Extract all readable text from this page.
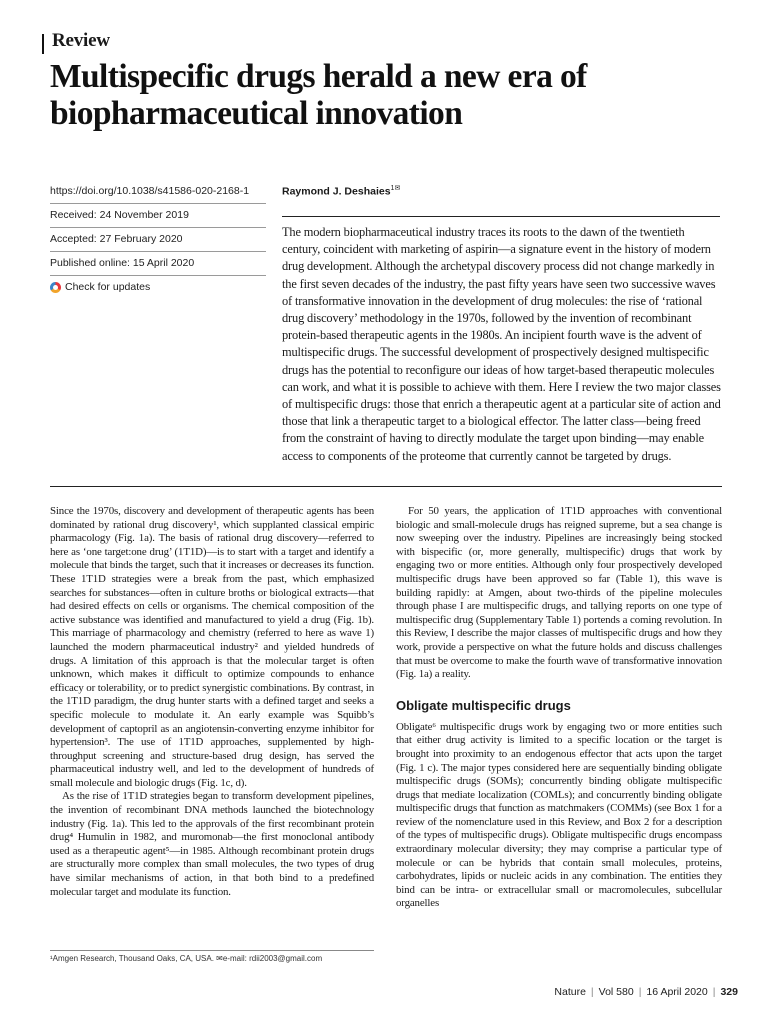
Review
Multispecific drugs herald a new era of biopharmaceutical innovation
https://doi.org/10.1038/s41586-020-2168-1
Received: 24 November 2019
Accepted: 27 February 2020
Published online: 15 April 2020
Check for updates
Raymond J. Deshaies$^{1✉}$
The modern biopharmaceutical industry traces its roots to the dawn of the twentieth century, coincident with marketing of aspirin—a signature event in the history of modern drug development. Although the archetypal discovery process did not change markedly in the first seven decades of the industry, the past fifty years have seen two successive waves of transformative innovation in the development of drug molecules: the rise of ‘rational drug discovery’ methodology in the 1970s, followed by the invention of recombinant protein-based therapeutic agents in the 1980s. An incipient fourth wave is the advent of multispecific drugs. The successful development of prospectively designed multispecific drugs has the potential to reconfigure our ideas of how target-based therapeutic molecules can work, and what it is possible to achieve with them. Here I review the two major classes of multispecific drugs: those that enrich a therapeutic agent at a particular site of action and those that link a therapeutic target to a biological effector. The latter class—being freed from the constraint of having to directly modulate the target upon binding—may enable access to components of the proteome that currently cannot be targeted by drugs.

Since the 1970s, discovery and development of therapeutic agents has been dominated by rational drug discovery¹, which supplanted classical empiric pharmacology (Fig. 1a). The basis of rational drug discovery—referred to here as ‘one target:one drug’ (1T1D)—is to start with a target and identify a molecule that binds the target, such that it increases or decreases its function. These 1T1D strategies were a break from the past, which emphasized searches for substances—often in culture broths or biological extracts—that had desired effects on cells or organisms. The chemical composition of the active substance was identified and manufactured to yield a drug (Fig. 1b). This marriage of pharmacology and chemistry (referred to here as wave 1) launched the modern pharmaceutical industry² and yielded hundreds of drugs. A limitation of this approach is that the molecular target is often unknown, which makes it difficult to optimize compounds to enhance efficacy or tolerability, or to predict synergistic combinations. By contrast, in the 1T1D paradigm, the drug hunter starts with a defined target and seeks a specific molecule to modulate it. An early example was Squibb’s development of captopril as an angiotensin-converting enzyme inhibitor for hypertension³. The use of 1T1D approaches, supplemented by high-throughput screening and structure-based drug design, has served the pharmaceutical industry well, and led to the development of hundreds of small molecule and biologic drugs (Fig. 1c, d).

As the rise of 1T1D strategies began to transform development pipelines, the invention of recombinant DNA methods launched the biotechnology industry (Fig. 1a). This led to the approvals of the first recombinant protein drug⁴ Humulin in 1982, and muromonab—the first monoclonal antibody used as a therapeutic agent⁵—in 1985. Although recombinant protein drugs are structurally more complex than small molecules, the two types of drug have similar mechanisms of action, in that both bind to a predefined molecular target and modulate its function.

For 50 years, the application of 1T1D approaches with conventional biologic and small-molecule drugs has reigned supreme, but a sea change is now sweeping over the industry. Pipelines are increasingly being stocked with bispecific (or, more generally, multispecific) drugs that work by engaging two or more entities. Although only four prospectively developed multispecific drugs have been approved so far (Table 1), this wave is building rapidly: at Amgen, about two-thirds of the pipeline molecules through phase I are multispecific drugs, and tallying reports on one type of multispecific drug (Supplementary Table 1) portends a coming revolution. In this Review, I describe the major classes of multispecific drugs and how they work, provide a perspective on what the future holds and discuss challenges that must be overcome to make the fourth wave of transformative innovation (Fig. 1a) a reality.

Obligate multispecific drugs

Obligate⁶ multispecific drugs work by engaging two or more entities such that either drug activity is limited to a specific location or the target is brought into proximity to an endogenous effector that acts upon the target (Fig. 1 c). The major types considered here are sequentially binding obligate multispecific drugs (SOMs); concurrently binding obligate multispecific drugs that mediate localization (COMLs); and concurrently binding obligate multispecific drugs that function as matchmakers (COMMs) (see Box 1 for a review of the nomenclature used in this Review, and Box 2 for a description of the types of multispecific drugs). Obligate multispecific drugs encompass extraordinary molecular diversity; they may comprise a particular type of molecule or can be hybrids that contain small molecules, proteins, carbohydrates, lipids or nucleic acids in any combination. The entities they bind can be intra- or extracellular small or macromolecules, subcellular organelles

¹Amgen Research, Thousand Oaks, CA, USA. ✉e-mail: rdii2003@gmail.com
Nature | Vol 580 | 16 April 2020 | 329
